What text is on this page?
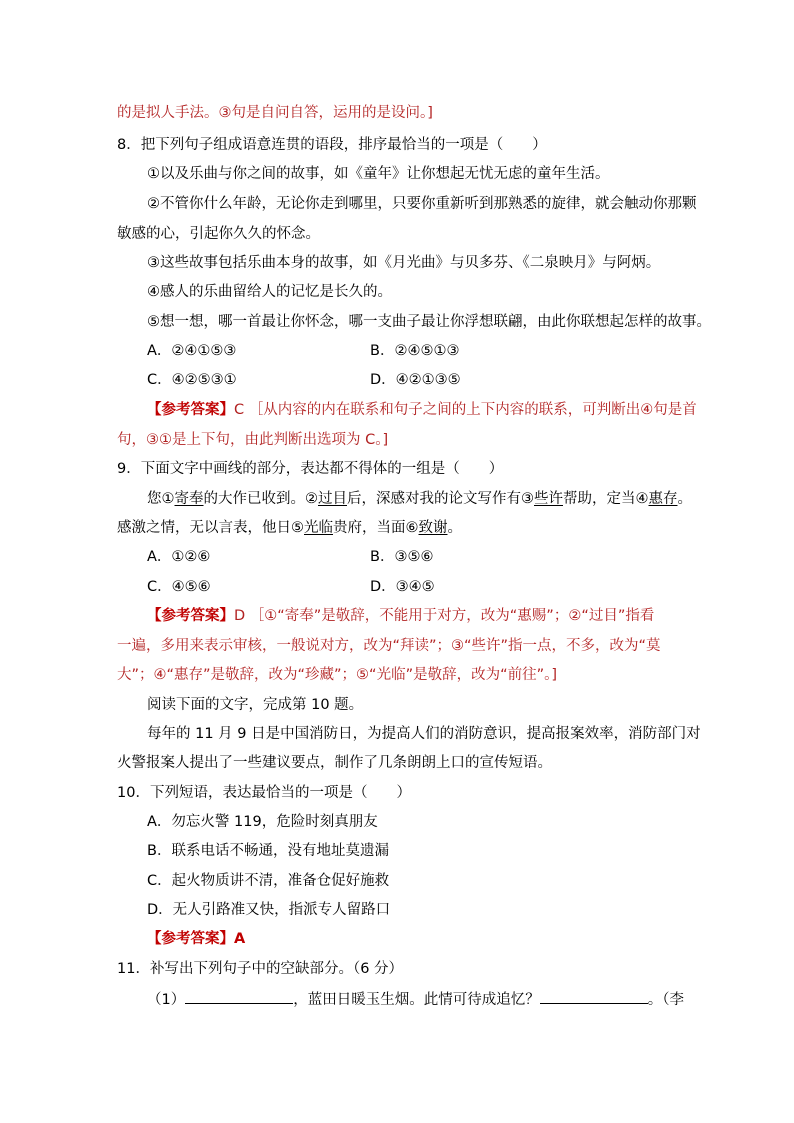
的是拟人手法。③句是自问自答，运用的是设问。]
8．把下列句子组成语意连贯的语段，排序最恰当的一项是（　　）
①以及乐曲与你之间的故事，如《童年》让你想起无忧无虑的童年生活。
②不管你什么年龄，无论你走到哪里，只要你重新听到那熟悉的旋律，就会触动你那颗
敏感的心，引起你久久的怀念。
③这些故事包括乐曲本身的故事，如《月光曲》与贝多芬、《二泉映月》与阿炳。
④感人的乐曲留给人的记忆是长久的。
⑤想一想，哪一首最让你怀念，哪一支曲子最让你浮想联翩，由此你联想起怎样的故事。
A．②④①⑤③	B．②④⑤①③
C．④②⑤③①	D．④②①③⑤
【参考答案】C ［从内容的内在联系和句子之间的上下内容的联系，可判断出④句是首
句，③①是上下句，由此判断出选项为 C。]
9．下面文字中画线的部分，表达都不得体的一组是（　　）
您①寄奉的大作已收到。②过目后，深感对我的论文写作有③些许帮助，定当④惠存。
感激之情，无以言表，他日⑤光临贵府，当面⑥致谢。
A．①②⑥	B．③⑤⑥
C．④⑤⑥	D．③④⑤
【参考答案】D ［①“寄奉”是敬辞，不能用于对方，改为“惠赐”；②“过目”指看
一遍，多用来表示审核，一般说对方，改为“拜读”；③“些许”指一点，不多，改为“莫
大”；④“惠存”是敬辞，改为“珍藏”；⑤“光临”是敬辞，改为“前往”。]
阅读下面的文字，完成第 10 题。
每年的 11 月 9 日是中国消防日，为提高人们的消防意识，提高报案效率，消防部门对
火警报案人提出了一些建议要点，制作了几条朗朗上口的宣传短语。
10．下列短语，表达最恰当的一项是（　　）
A．勿忘火警 119，危险时刻真朋友
B．联系电话不畅通，没有地址莫遗漏
C．起火物质讲不清，准备仓促好施救
D．无人引路准又快，指派专人留路口
【参考答案】A
11．补写出下列句子中的空缺部分。（6 分）
（1）	，蓝田日暖玉生烟。此情可待成追忆？	。（李
